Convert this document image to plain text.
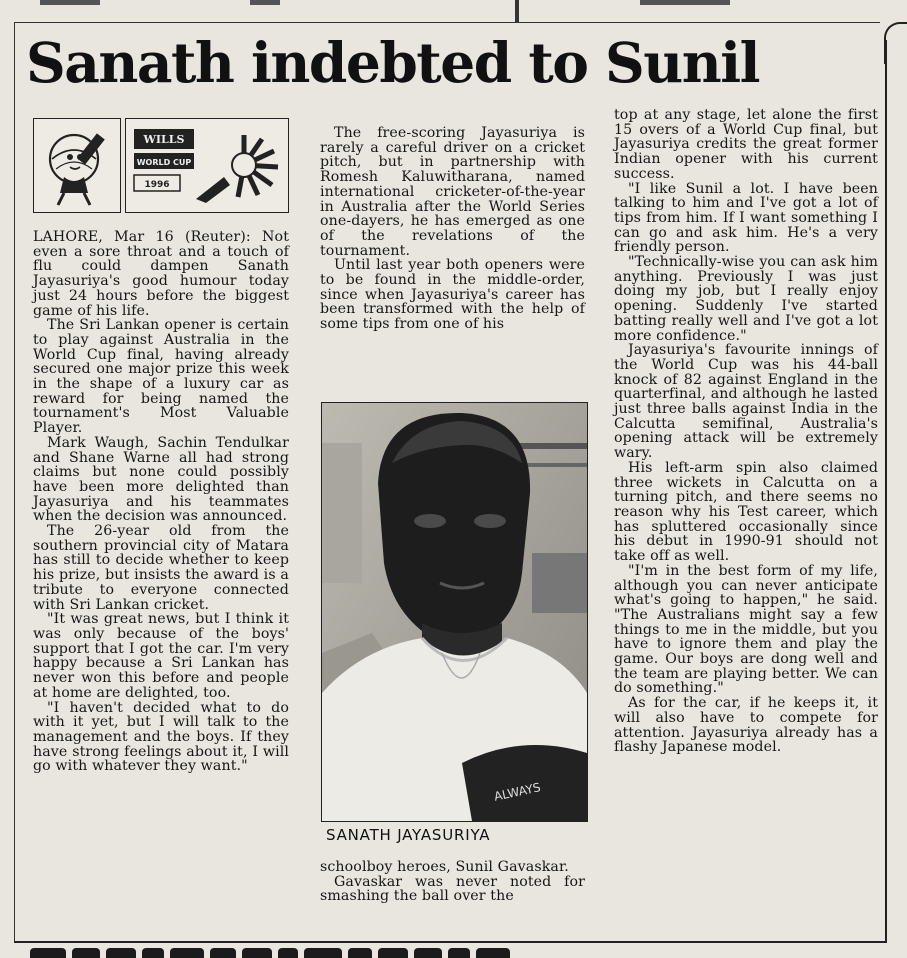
Sanath indebted to Sunil
WILLS
WORLD CUP
1996

LAHORE, Mar 16 (Reuter): Not even a sore throat and a touch of flu could dampen Sanath Jayasuriya's good humour today just 24 hours before the biggest game of his life.

The Sri Lankan opener is certain to play against Australia in the World Cup final, having already secured one major prize this week in the shape of a luxury car as reward for being named the tournament's Most Valuable Player.

Mark Waugh, Sachin Tendulkar and Shane Warne all had strong claims but none could possibly have been more delighted than Jayasuriya and his teammates when the decision was announced.

The 26-year old from the southern provincial city of Matara has still to decide whether to keep his prize, but insists the award is a tribute to everyone connected with Sri Lankan cricket.

"It was great news, but I think it was only because of the boys' support that I got the car. I'm very happy because a Sri Lankan has never won this before and people at home are delighted, too.

"I haven't decided what to do with it yet, but I will talk to the management and the boys. If they have strong feelings about it, I will go with whatever they want."

The free-scoring Jayasuriya is rarely a careful driver on a cricket pitch, but in partnership with Romesh Kaluwitharana, named international cricketer-of-the-year in Australia after the World Series one-dayers, he has emerged as one of the revelations of the tournament.

Until last year both openers were to be found in the middle-order, since when Jayasuriya's career has been transformed with the help of some tips from one of his

ALWAYS
SANATH JAYASURIYA

schoolboy heroes, Sunil Gavaskar.

Gavaskar was never noted for smashing the ball over the

top at any stage, let alone the first 15 overs of a World Cup final, but Jayasuriya credits the great former Indian opener with his current success.

"I like Sunil a lot. I have been talking to him and I've got a lot of tips from him. If I want something I can go and ask him. He's a very friendly person.

"Technically-wise you can ask him anything. Previously I was just doing my job, but I really enjoy opening. Suddenly I've started batting really well and I've got a lot more confidence."

Jayasuriya's favourite innings of the World Cup was his 44-ball knock of 82 against England in the quarterfinal, and although he lasted just three balls against India in the Calcutta semifinal, Australia's opening attack will be extremely wary.

His left-arm spin also claimed three wickets in Calcutta on a turning pitch, and there seems no reason why his Test career, which has spluttered occasionally since his debut in 1990-91 should not take off as well.

"I'm in the best form of my life, although you can never anticipate what's going to happen," he said. "The Australians might say a few things to me in the middle, but you have to ignore them and play the game. Our boys are dong well and the team are playing better. We can do something."

As for the car, if he keeps it, it will also have to compete for attention. Jayasuriya already has a flashy Japanese model.
